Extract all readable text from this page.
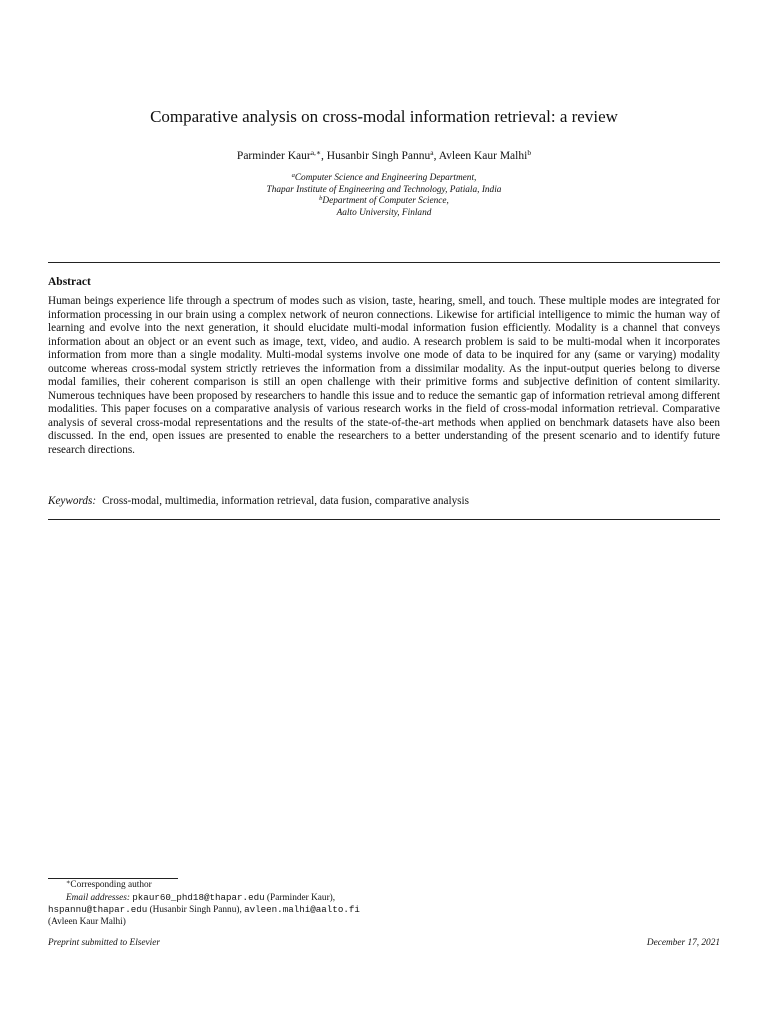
Comparative analysis on cross-modal information retrieval: a review
Parminder Kaur$^{a,∗}$, Husanbir Singh Pannu$^a$, Avleen Kaur Malhi$^b$
$^a$Computer Science and Engineering Department,
Thapar Institute of Engineering and Technology, Patiala, India
$^b$Department of Computer Science,
Aalto University, Finland
Abstract
Human beings experience life through a spectrum of modes such as vision, taste, hearing, smell, and touch. These multiple modes are integrated for information processing in our brain using a complex network of neuron connections. Likewise for artificial intelligence to mimic the human way of learning and evolve into the next generation, it should elucidate multi-modal information fusion efficiently. Modality is a channel that conveys information about an object or an event such as image, text, video, and audio. A research problem is said to be multi-modal when it incorporates information from more than a single modality. Multi-modal systems involve one mode of data to be inquired for any (same or varying) modality outcome whereas cross-modal system strictly retrieves the information from a dissimilar modality. As the input-output queries belong to diverse modal families, their coherent comparison is still an open challenge with their primitive forms and subjective definition of content similarity. Numerous techniques have been proposed by researchers to handle this issue and to reduce the semantic gap of information retrieval among different modalities. This paper focuses on a comparative analysis of various research works in the field of cross-modal information retrieval. Comparative analysis of several cross-modal representations and the results of the state-of-the-art methods when applied on benchmark datasets have also been discussed. In the end, open issues are presented to enable the researchers to a better understanding of the present scenario and to identify future research directions.
Keywords: Cross-modal, multimedia, information retrieval, data fusion, comparative analysis
∗Corresponding author
Email addresses: pkaur60_phd18@thapar.edu (Parminder Kaur),
hspannu@thapar.edu (Husanbir Singh Pannu), avleen.malhi@aalto.fi
(Avleen Kaur Malhi)
Preprint submitted to Elsevier	December 17, 2021
